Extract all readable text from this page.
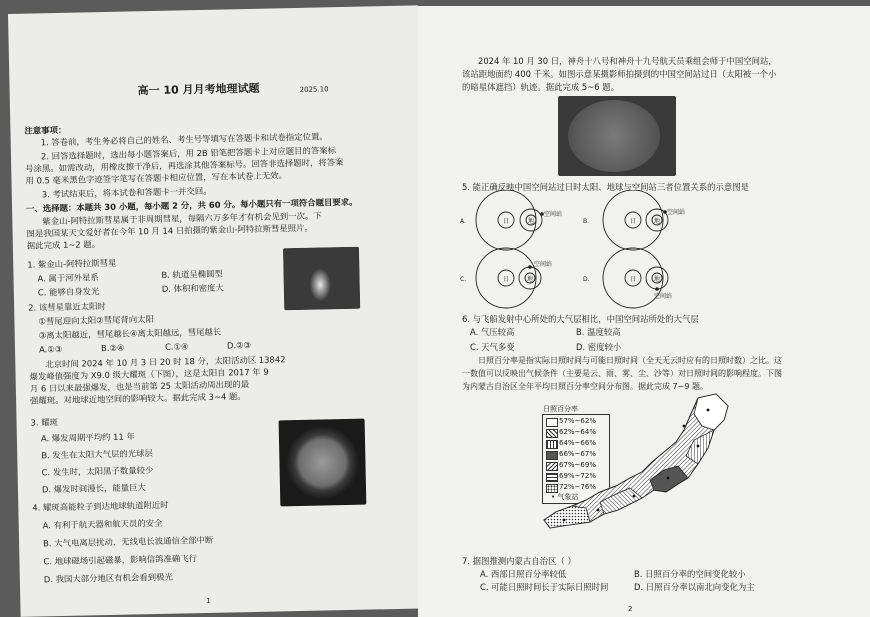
高一 10 月月考地理试题	2025.10
注意事项：
1. 答卷前，考生务必将自己的姓名、考生号等填写在答题卡和试卷指定位置。
2. 回答选择题时，选出每小题答案后，用 2B 铅笔把答题卡上对应题目的答案标
号涂黑。如需改动，用橡皮擦干净后，再选涂其他答案标号。回答非选择题时，将答案
用 0.5 毫米黑色字迹签字笔写在答题卡相应位置，写在本试卷上无效。
3. 考试结束后，将本试卷和答题卡一并交回。
一、选择题：本题共 30 小题，每小题 2 分，共 60 分。每小题只有一项符合题目要求。
紫金山-阿特拉斯彗星属于非周期彗星，每隔六万多年才有机会见到一次。下
图是我国某天文爱好者在今年 10 月 14 日拍摄的紫金山-阿特拉斯彗星照片。
据此完成 1~2 题。
1. 紫金山-阿特拉斯彗星
A. 属于河外星系	B. 轨道呈椭圆型
C. 能够自身发光	D. 体积和密度大
2. 该彗星靠近太阳时
①彗尾迎向太阳②彗尾背向太阳
③离太阳越近，彗尾越长④离太阳越远，彗尾越长
A.①③	B.②④	C.①④	D.②③
北京时间 2024 年 10 月 3 日 20 时 18 分，太阳活动区 13842
爆发峰值强度为 X9.0 级大耀斑（下图），这是太阳自 2017 年 9
月 6 日以来最强爆发，也是当前第 25 太阳活动周出现的最
强耀斑。对地球近地空间的影响较大。据此完成 3~4 题。
3. 耀斑
A. 爆发周期平均约 11 年
B. 发生在太阳大气层的光球层
C. 发生时，太阳黑子数量较少
D. 爆发时间漫长，能量巨大
4. 耀斑高能粒子到达地球轨道附近时
A. 有利于航天器和航天员的安全
B. 大气电离层扰动，无线电长波通信全部中断
C. 地球磁场引起磁暴，影响信鸽准确飞行
D. 我国大部分地区有机会看到极光
1
2024 年 10 月 30 日，神舟十八号和神舟十九号航天员乘组会师于中国空间站，
该站距地面约 400 千米。如图示意某摄影师拍摄到的中国空间站过日（太阳被一个小
的暗星体遮挡）轨迹。据此完成 5~6 题。
5. 能正确反映中国空间站过日时太阳、地球与空间站三者位置关系的示意图是
A.	B.
C.	D.
日	地
空间站
日	地
空间站
日	地
空间站
日	地
空间站
6. 与飞船发射中心所处的大气层相比，中国空间站所处的大气层
A. 气压较高	B. 温度较高
C. 天气多变	D. 密度较小
日照百分率是指实际日照时间与可能日照时间（全天无云时应有的日照时数）之比。这
一数值可以反映出气候条件（主要是云、雨、雾、尘、沙等）对日照时间的影响程度。下图
为内蒙古自治区全年平均日照百分率空间分布图。据此完成 7~9 题。
日照百分率
57%~62%
62%~64%
64%~66%
66%~67%
67%~69%
69%~72%
72%~76%
• 气象站
7. 据图推测内蒙古自治区（ ）
A. 西部日照百分率较低	B. 日照百分率的空间变化较小
C. 可能日照时间长于实际日照时间	D. 日照百分率以南北向变化为主
2
